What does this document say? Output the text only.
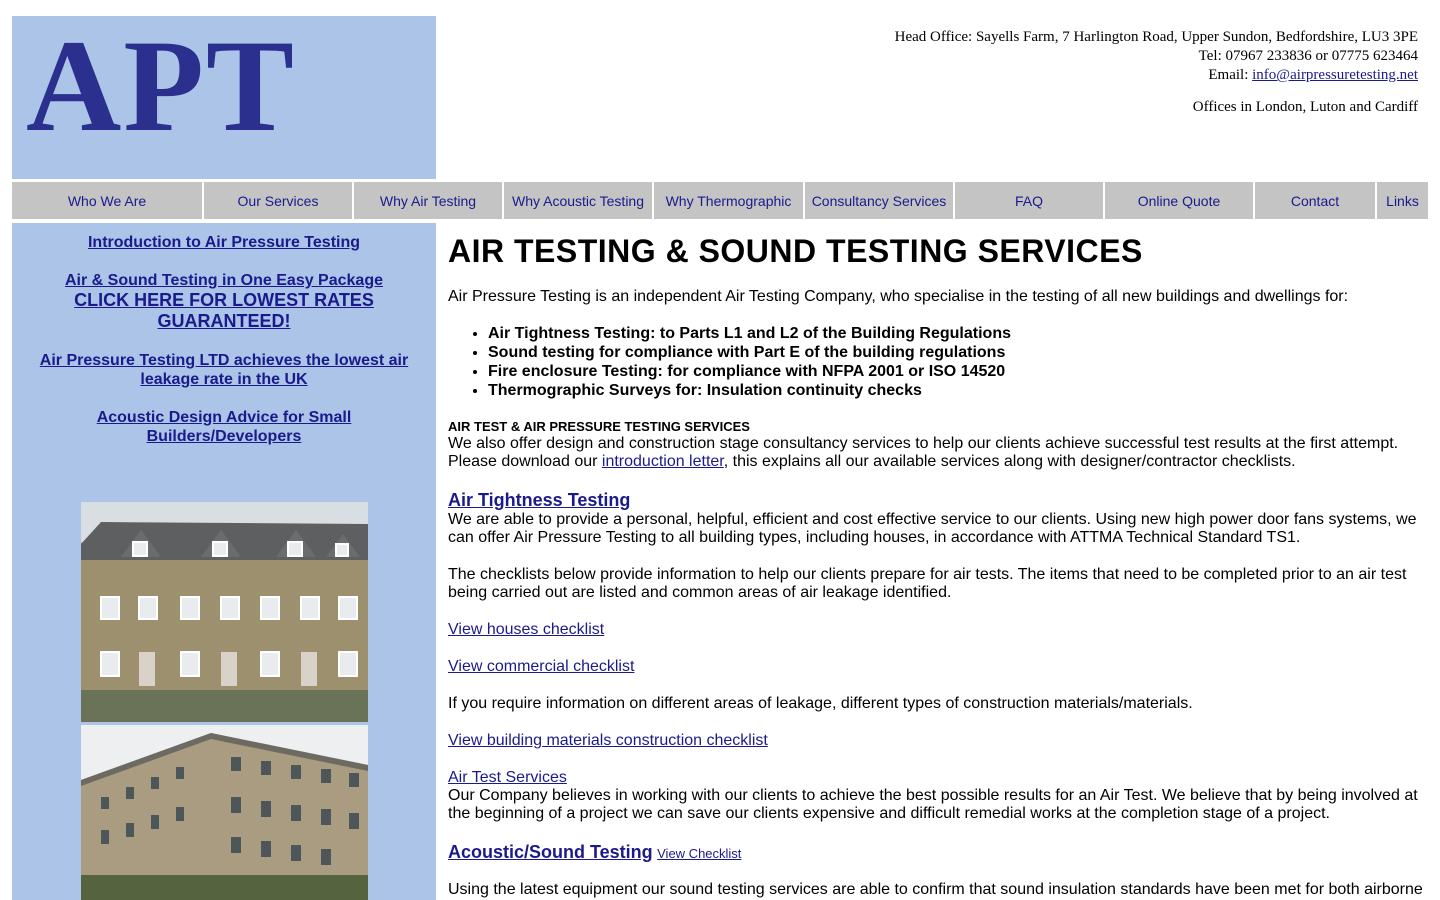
APT	Head Office: Sayells Farm, 7 Harlington Road, Upper Sundon, Bedfordshire, LU3 3PE
Tel: 07967 233836 or 07775 623464
Email: info@airpressuretesting.net
Offices in London, Luton and Cardiff
Who We Are	Our Services	Why Air Testing	Why Acoustic Testing	Why Thermographic	Consultancy Services	FAQ	Online Quote	Contact	Links
Introduction to Air Pressure Testing
Air & Sound Testing in One Easy Package
CLICK HERE FOR LOWEST RATES GUARANTEED!
Air Pressure Testing LTD achieves the lowest air leakage rate in the UK
Acoustic Design Advice for Small Builders/Developers
AIR TESTING & SOUND TESTING SERVICES

Air Pressure Testing is an independent Air Testing Company, who specialise in the testing of all new buildings and dwellings for:

• Air Tightness Testing: to Parts L1 and L2 of the Building Regulations
• Sound testing for compliance with Part E of the building regulations
• Fire enclosure Testing: for compliance with NFPA 2001 or ISO 14520
• Thermographic Surveys for: Insulation continuity checks
AIR TEST & AIR PRESSURE TESTING SERVICES

We also offer design and construction stage consultancy services to help our clients achieve successful test results at the first attempt. Please download our introduction letter, this explains all our available services along with designer/contractor checklists.

Air Tightness Testing

We are able to provide a personal, helpful, efficient and cost effective service to our clients. Using new high power door fans systems, we can offer Air Pressure Testing to all building types, including houses, in accordance with ATTMA Technical Standard TS1.

The checklists below provide information to help our clients prepare for air tests. The items that need to be completed prior to an air test being carried out are listed and common areas of air leakage identified.

View houses checklist
View commercial checklist

If you require information on different areas of leakage, different types of construction materials/materials.

View building materials construction checklist
Air Test Services

Our Company believes in working with our clients to achieve the best possible results for an Air Test. We believe that by being involved at the beginning of a project we can save our clients expensive and difficult remedial works at the completion stage of a project.

Acoustic/Sound Testing View Checklist

Using the latest equipment our sound testing services are able to confirm that sound insulation standards have been met for both airborne
